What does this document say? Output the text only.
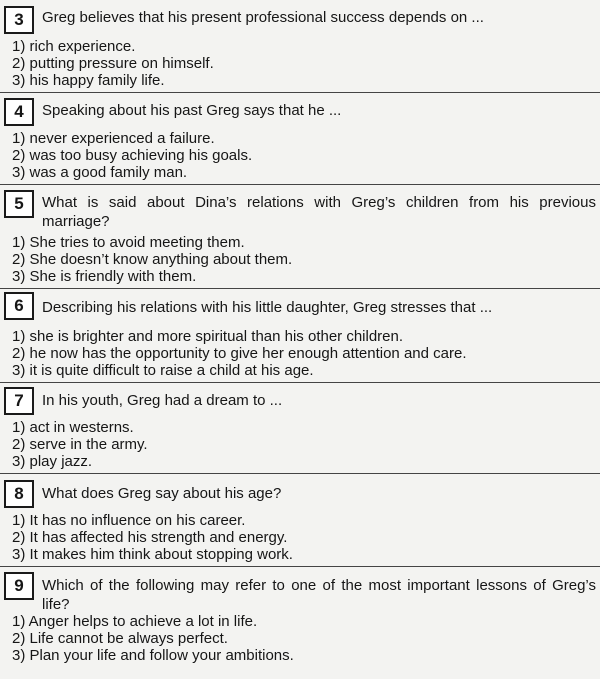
3	Greg believes that his present professional success depends on ...
1) rich experience.
2) putting pressure on himself.
3) his happy family life.
4	Speaking about his past Greg says that he ...
1) never experienced a failure.
2) was too busy achieving his goals.
3) was a good family man.
5	What is said about Dina’s relations with Greg’s children from his previous marriage?
1) She tries to avoid meeting them.
2) She doesn’t know anything about them.
3) She is friendly with them.
6	Describing his relations with his little daughter, Greg stresses that ...
1) she is brighter and more spiritual than his other children.
2) he now has the opportunity to give her enough attention and care.
3) it is quite difficult to raise a child at his age.
7	In his youth, Greg had a dream to ...
1) act in westerns.
2) serve in the army.
3) play jazz.
8	What does Greg say about his age?
1) It has no influence on his career.
2) It has affected his strength and energy.
3) It makes him think about stopping work.
9	Which of the following may refer to one of the most important lessons of Greg’s life?
1) Anger helps to achieve a lot in life.
2) Life cannot be always perfect.
3) Plan your life and follow your ambitions.
